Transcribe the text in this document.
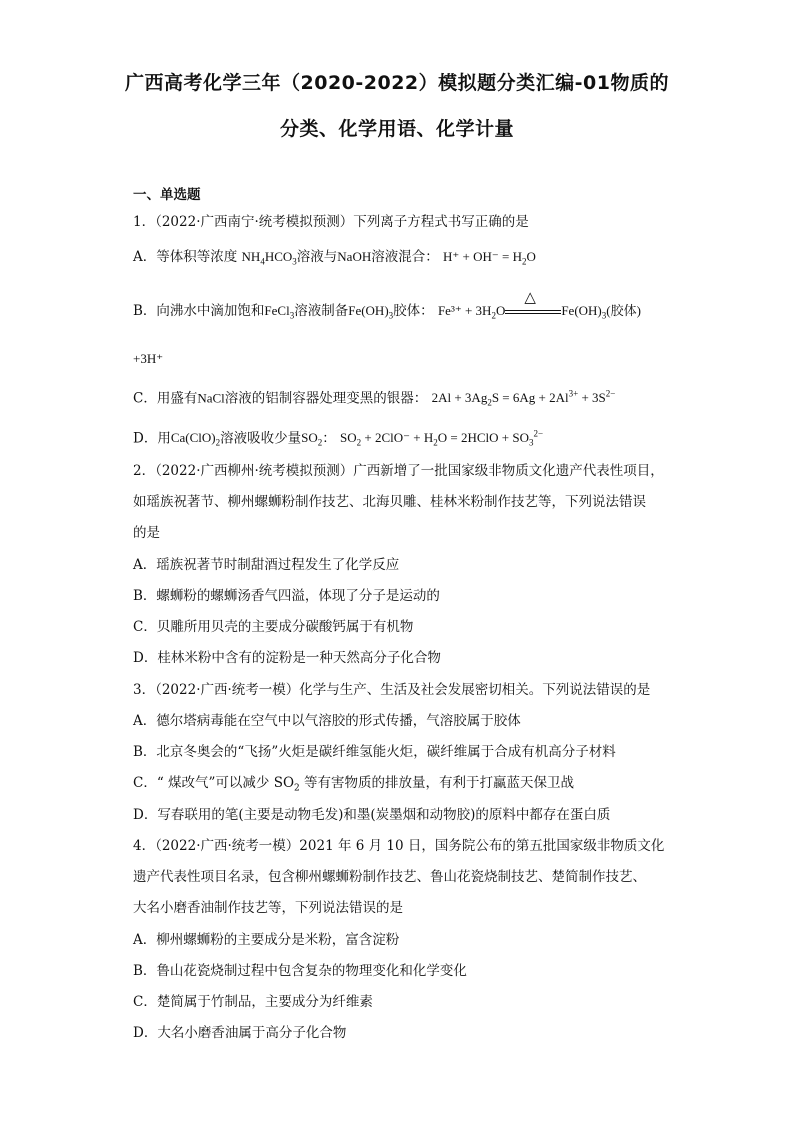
广西高考化学三年（2020-2022）模拟题分类汇编-01物质的
分类、化学用语、化学计量
一、单选题
1．（2022·广西南宁·统考模拟预测）下列离子方程式书写正确的是
A．等体积等浓度 $NH_4HCO_3$溶液与NaOH溶液混合： $H^+ + OH^- = H_2O$
B．向沸水中滴加饱和FeCl$_3$溶液制备$Fe(OH)_3$胶体： $Fe^{3+} + 3H_2O$
△
$Fe(OH)_3$(胶体)
+3H⁺
C．用盛有NaCl溶液的铝制容器处理变黑的银器： $2Al + 3Ag_2S = 6Ag + 2Al^{3+} + 3S^{2-}$
D．用$Ca(ClO)_2$溶液吸收少量$SO_2$： $SO_2 + 2ClO^- + H_2O$ = 2HClO + $SO_3^{2-}$
2．（2022·广西柳州·统考模拟预测）广西新增了一批国家级非物质文化遗产代表性项目，
如瑶族祝著节、柳州螺蛳粉制作技艺、北海贝雕、桂林米粉制作技艺等，下列说法错误
的是
A．瑶族祝著节时制甜酒过程发生了化学反应
B．螺蛳粉的螺蛳汤香气四溢，体现了分子是运动的
C．贝雕所用贝壳的主要成分碳酸钙属于有机物
D．桂林米粉中含有的淀粉是一种天然高分子化合物
3．（2022·广西·统考一模）化学与生产、生活及社会发展密切相关。下列说法错误的是
A．德尔塔病毒能在空气中以气溶胶的形式传播，气溶胶属于胶体
B．北京冬奥会的“飞扬”火炬是碳纤维氢能火炬，碳纤维属于合成有机高分子材料
C．“ 煤改气”可以减少 $SO_2$ 等有害物质的排放量，有利于打赢蓝天保卫战
D．写春联用的笔(主要是动物毛发)和墨(炭墨烟和动物胶)的原料中都存在蛋白质
4．（2022·广西·统考一模）2021 年 6 月 10 日，国务院公布的第五批国家级非物质文化
遗产代表性项目名录，包含柳州螺蛳粉制作技艺、鲁山花瓷烧制技艺、楚简制作技艺、
大名小磨香油制作技艺等，下列说法错误的是
A．柳州螺蛳粉的主要成分是米粉，富含淀粉
B．鲁山花瓷烧制过程中包含复杂的物理变化和化学变化
C．楚简属于竹制品，主要成分为纤维素
D．大名小磨香油属于高分子化合物
